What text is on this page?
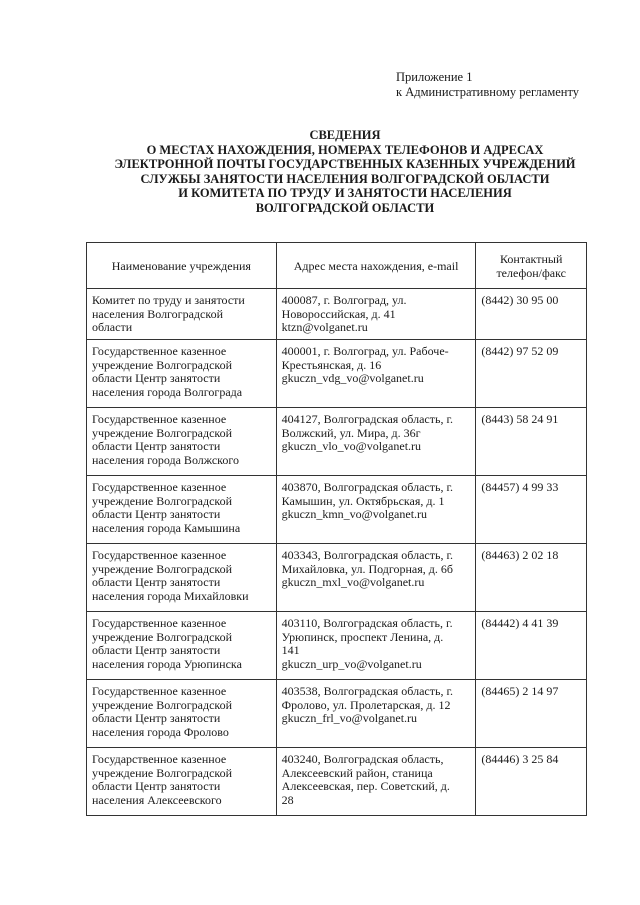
Приложение 1
к Административному регламенту
СВЕДЕНИЯ
О МЕСТАХ НАХОЖДЕНИЯ, НОМЕРАХ ТЕЛЕФОНОВ И АДРЕСАХ
ЭЛЕКТРОННОЙ ПОЧТЫ ГОСУДАРСТВЕННЫХ КАЗЕННЫХ УЧРЕЖДЕНИЙ
СЛУЖБЫ ЗАНЯТОСТИ НАСЕЛЕНИЯ ВОЛГОГРАДСКОЙ ОБЛАСТИ
И КОМИТЕТА ПО ТРУДУ И ЗАНЯТОСТИ НАСЕЛЕНИЯ
ВОЛГОГРАДСКОЙ ОБЛАСТИ
Наименование учреждения	Адрес места нахождения, e-mail	Контактный
телефон/факс

Комитет по труду и занятости
населения Волгоградской
области	400087, г. Волгоград, ул.
Новороссийская, д. 41
ktzn@volganet.ru	(8442) 30 95 00

Государственное казенное
учреждение Волгоградской
области Центр занятости
населения города Волгограда	400001, г. Волгоград, ул. Рабоче-
Крестьянская, д. 16
gkuczn_vdg_vo@volganet.ru	(8442) 97 52 09

Государственное казенное
учреждение Волгоградской
области Центр занятости
населения города Волжского	404127, Волгоградская область, г.
Волжский, ул. Мира, д. 36г
gkuczn_vlo_vo@volganet.ru	(8443) 58 24 91

Государственное казенное
учреждение Волгоградской
области Центр занятости
населения города Камышина	403870, Волгоградская область, г.
Камышин, ул. Октябрьская, д. 1
gkuczn_kmn_vo@volganet.ru	(84457) 4 99 33

Государственное казенное
учреждение Волгоградской
области Центр занятости
населения города Михайловки	403343, Волгоградская область, г.
Михайловка, ул. Подгорная, д. 6б
gkuczn_mxl_vo@volganet.ru	(84463) 2 02 18

Государственное казенное
учреждение Волгоградской
области Центр занятости
населения города Урюпинска	403110, Волгоградская область, г.
Урюпинск, проспект Ленина, д.
141
gkuczn_urp_vo@volganet.ru	(84442) 4 41 39

Государственное казенное
учреждение Волгоградской
области Центр занятости
населения города Фролово	403538, Волгоградская область, г.
Фролово, ул. Пролетарская, д. 12
gkuczn_frl_vo@volganet.ru	(84465) 2 14 97

Государственное казенное
учреждение Волгоградской
области Центр занятости
населения Алексеевского	403240, Волгоградская область,
Алексеевский район, станица
Алексеевская, пер. Советский, д.
28	(84446) 3 25 84
